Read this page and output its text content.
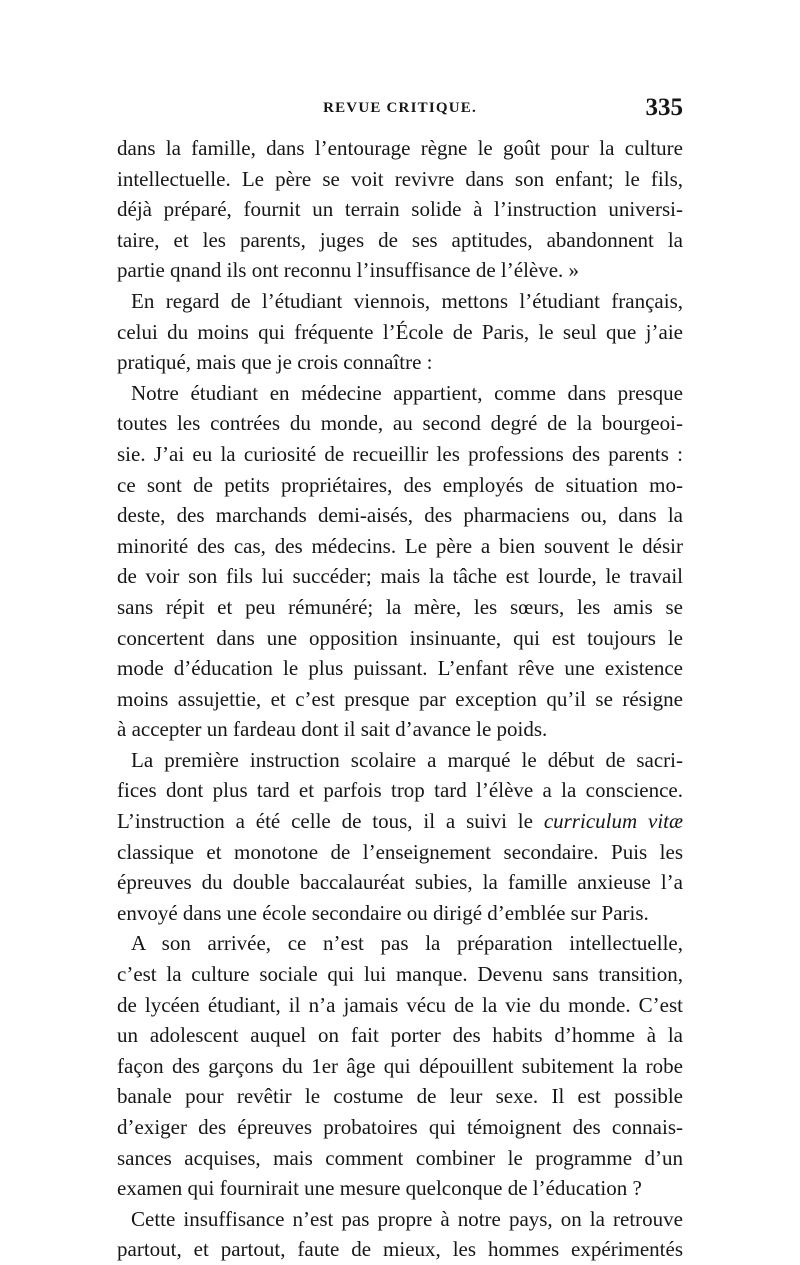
REVUE CRITIQUE.	335
dans la famille, dans l’entourage règne le goût pour la culture
intellectuelle. Le père se voit revivre dans son enfant; le fils,
déjà préparé, fournit un terrain solide à l’instruction universi-
taire, et les parents, juges de ses aptitudes, abandonnent la
partie qnand ils ont reconnu l’insuffisance de l’élève. »
En regard de l’étudiant viennois, mettons l’étudiant français,
celui du moins qui fréquente l’École de Paris, le seul que j’aie
pratiqué, mais que je crois connaître :
Notre étudiant en médecine appartient, comme dans presque
toutes les contrées du monde, au second degré de la bourgeoi-
sie. J’ai eu la curiosité de recueillir les professions des parents :
ce sont de petits propriétaires, des employés de situation mo-
deste, des marchands demi-aisés, des pharmaciens ou, dans la
minorité des cas, des médecins. Le père a bien souvent le désir
de voir son fils lui succéder; mais la tâche est lourde, le travail
sans répit et peu rémunéré; la mère, les sœurs, les amis se
concertent dans une opposition insinuante, qui est toujours le
mode d’éducation le plus puissant. L’enfant rêve une existence
moins assujettie, et c’est presque par exception qu’il se résigne
à accepter un fardeau dont il sait d’avance le poids.
La première instruction scolaire a marqué le début de sacri-
fices dont plus tard et parfois trop tard l’élève a la conscience.
L’instruction a été celle de tous, il a suivi le curriculum vitæ
classique et monotone de l’enseignement secondaire. Puis les
épreuves du double baccalauréat subies, la famille anxieuse l’a
envoyé dans une école secondaire ou dirigé d’emblée sur Paris.
A son arrivée, ce n’est pas la préparation intellectuelle,
c’est la culture sociale qui lui manque. Devenu sans transition,
de lycéen étudiant, il n’a jamais vécu de la vie du monde. C’est
un adolescent auquel on fait porter des habits d’homme à la
façon des garçons du 1er âge qui dépouillent subitement la robe
banale pour revêtir le costume de leur sexe. Il est possible
d’exiger des épreuves probatoires qui témoignent des connais-
sances acquises, mais comment combiner le programme d’un
examen qui fournirait une mesure quelconque de l’éducation ?
Cette insuffisance n’est pas propre à notre pays, on la retrouve
partout, et partout, faute de mieux, les hommes expérimentés
